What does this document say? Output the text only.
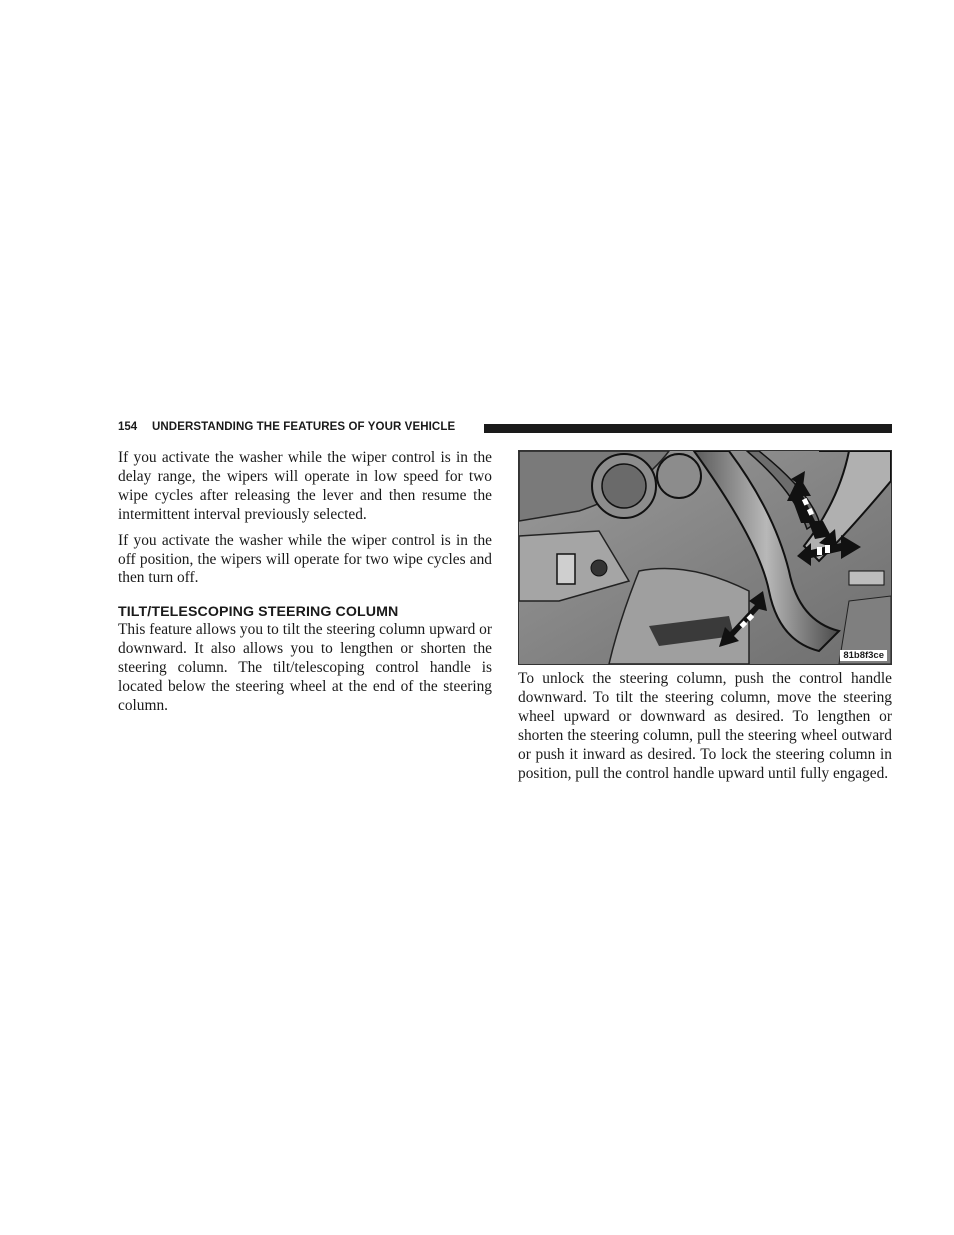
154 UNDERSTANDING THE FEATURES OF YOUR VEHICLE

If you activate the washer while the wiper control is in the delay range, the wipers will operate in low speed for two wipe cycles after releasing the lever and then resume the intermittent interval previously selected.

If you activate the washer while the wiper control is in the off position, the wipers will operate for two wipe cycles and then turn off.

TILT/TELESCOPING STEERING COLUMN

This feature allows you to tilt the steering column upward or downward. It also allows you to lengthen or shorten the steering column. The tilt/telescoping control handle is located below the steering wheel at the end of the steering column.

81b8f3ce

To unlock the steering column, push the control handle downward. To tilt the steering column, move the steering wheel upward or downward as desired. To lengthen or shorten the steering column, pull the steering wheel outward or push it inward as desired. To lock the steering column in position, pull the control handle upward until fully engaged.
